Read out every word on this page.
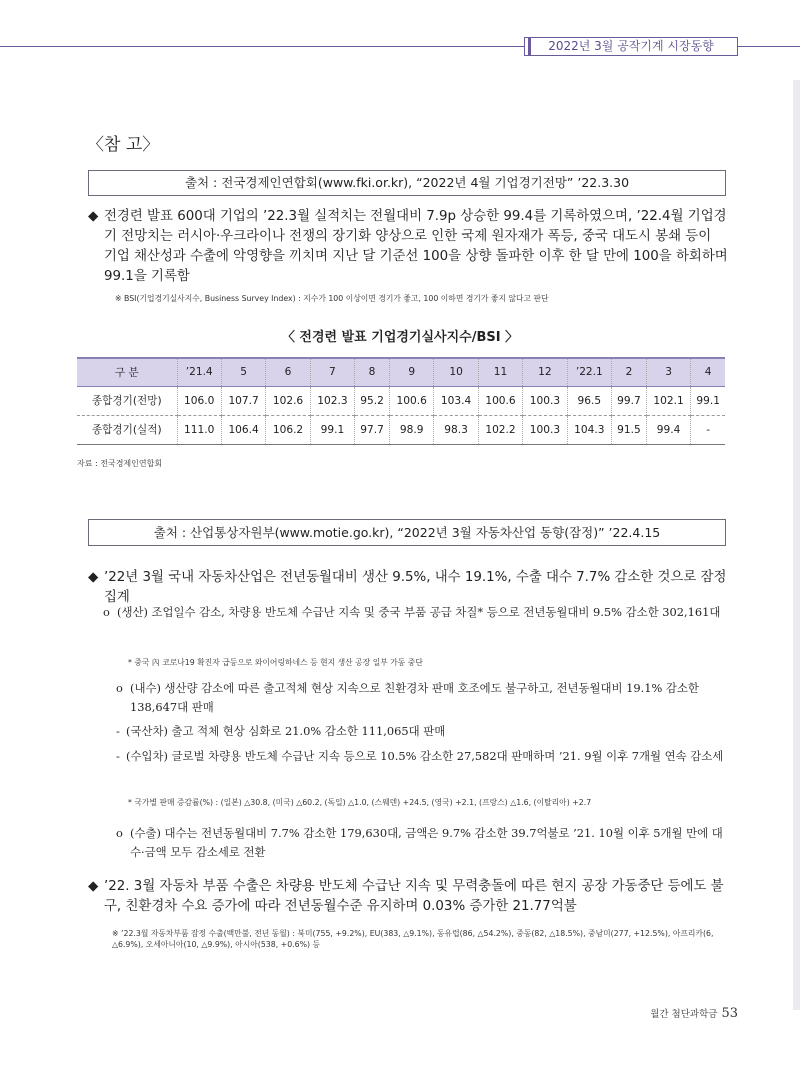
2022년 3월 공작기계 시장동향
〈참 고〉
출처 : 전국경제인연합회(www.fki.or.kr), “2022년 4월 기업경기전망” ’22.3.30
◆ 전경련 발표 600대 기업의 ’22.3월 실적치는 전월대비 7.9p 상승한 99.4를 기록하였으며, ’22.4월 기업경기 전망치는 러시아·우크라이나 전쟁의 장기화 양상으로 인한 국제 원자재가 폭등, 중국 대도시 봉쇄 등이 기업 채산성과 수출에 악영향을 끼치며 지난 달 기준선 100을 상향 돌파한 이후 한 달 만에 100을 하회하며 99.1을 기록함
※ BSI(기업경기실사지수, Business Survey Index) : 지수가 100 이상이면 경기가 좋고, 100 이하면 경기가 좋지 않다고 판단
〈 전경련 발표 기업경기실사지수/BSI 〉
구 분	’21.4	5	6	7	8	9	10	11	12	’22.1	2	3	4
종합경기(전망)	106.0	107.7	102.6	102.3	95.2	100.6	103.4	100.6	100.3	96.5	99.7	102.1	99.1
종합경기(실적)	111.0	106.4	106.2	99.1	97.7	98.9	98.3	102.2	100.3	104.3	91.5	99.4	-
자료 : 전국경제인연합회
출처 : 산업통상자원부(www.motie.go.kr), “2022년 3월 자동차산업 동향(잠정)” ’22.4.15
◆ ’22년 3월 국내 자동차산업은 전년동월대비 생산 9.5%, 내수 19.1%, 수출 대수 7.7% 감소한 것으로 잠정 집계
ο (생산) 조업일수 감소, 차량용 반도체 수급난 지속 및 중국 부품 공급 차질* 등으로 전년동월대비 9.5% 감소한 302,161대
* 중국 內 코로나19 확진자 급등으로 와이어링하네스 등 현지 생산 공장 일부 가동 중단
ο (내수) 생산량 감소에 따른 출고적체 현상 지속으로 친환경차 판매 호조에도 불구하고, 전년동월대비 19.1% 감소한 138,647대 판매
- (국산차) 출고 적체 현상 심화로 21.0% 감소한 111,065대 판매
- (수입차) 글로벌 차량용 반도체 수급난 지속 등으로 10.5% 감소한 27,582대 판매하며 ’21. 9월 이후 7개월 연속 감소세
* 국가별 판매 증감률(%) : (일본) △30.8, (미국) △60.2, (독일) △1.0, (스웨덴) +24.5, (영국) +2.1, (프랑스) △1.6, (이탈리아) +2.7
ο (수출) 대수는 전년동월대비 7.7% 감소한 179,630대, 금액은 9.7% 감소한 39.7억불로 ’21. 10월 이후 5개월 만에 대수·금액 모두 감소세로 전환
◆ ’22. 3월 자동차 부품 수출은 차량용 반도체 수급난 지속 및 무력충돌에 따른 현지 공장 가동중단 등에도 불구, 친환경차 수요 증가에 따라 전년동월수준 유지하며 0.03% 증가한 21.77억불
※ ’22.3월 자동차부품 잠정 수출(백만불, 전년 동월) : 북미(755, +9.2%), EU(383, △9.1%), 동유럽(86, △54.2%), 중동(82, △18.5%), 중남미(277, +12.5%), 아프리카(6, △6.9%), 오세아니아(10, △9.9%), 아시아(538, +0.6%) 등
월간 첨단과학금 53
